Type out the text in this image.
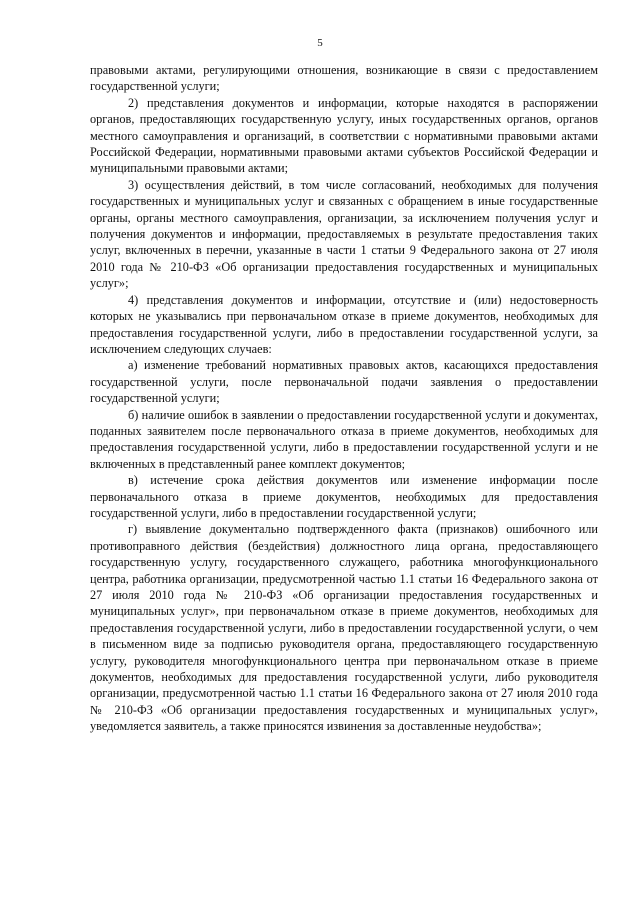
5

правовыми актами, регулирующими отношения, возникающие в связи с предоставлением государственной услуги;

2) представления документов и информации, которые находятся в распоряжении органов, предоставляющих государственную услугу, иных государственных органов, органов местного самоуправления и организаций, в соответствии с нормативными правовыми актами Российской Федерации, нормативными правовыми актами субъектов Российской Федерации и муниципальными правовыми актами;

3) осуществления действий, в том числе согласований, необходимых для получения государственных и муниципальных услуг и связанных с обращением в иные государственные органы, органы местного самоуправления, организации, за исключением получения услуг и получения документов и информации, предоставляемых в результате предоставления таких услуг, включенных в перечни, указанные в части 1 статьи 9 Федерального закона от 27 июля 2010 года № 210-ФЗ «Об организации предоставления государственных и муниципальных услуг»;

4) представления документов и информации, отсутствие и (или) недостоверность которых не указывались при первоначальном отказе в приеме документов, необходимых для предоставления государственной услуги, либо в предоставлении государственной услуги, за исключением следующих случаев:

а) изменение требований нормативных правовых актов, касающихся предоставления государственной услуги, после первоначальной подачи заявления о предоставлении государственной услуги;

б) наличие ошибок в заявлении о предоставлении государственной услуги и документах, поданных заявителем после первоначального отказа в приеме документов, необходимых для предоставления государственной услуги, либо в предоставлении государственной услуги и не включенных в представленный ранее комплект документов;

в) истечение срока действия документов или изменение информации после первоначального отказа в приеме документов, необходимых для предоставления государственной услуги, либо в предоставлении государственной услуги;

г) выявление документально подтвержденного факта (признаков) ошибочного или противоправного действия (бездействия) должностного лица органа, предоставляющего государственную услугу, государственного служащего, работника многофункционального центра, работника организации, предусмотренной частью 1.1 статьи 16 Федерального закона от 27 июля 2010 года № 210-ФЗ «Об организации предоставления государственных и муниципальных услуг», при первоначальном отказе в приеме документов, необходимых для предоставления государственной услуги, либо в предоставлении государственной услуги, о чем в письменном виде за подписью руководителя органа, предоставляющего государственную услугу, руководителя многофункционального центра при первоначальном отказе в приеме документов, необходимых для предоставления государственной услуги, либо руководителя организации, предусмотренной частью 1.1 статьи 16 Федерального закона от 27 июля 2010 года № 210-ФЗ «Об организации предоставления государственных и муниципальных услуг», уведомляется заявитель, а также приносятся извинения за доставленные неудобства»;
